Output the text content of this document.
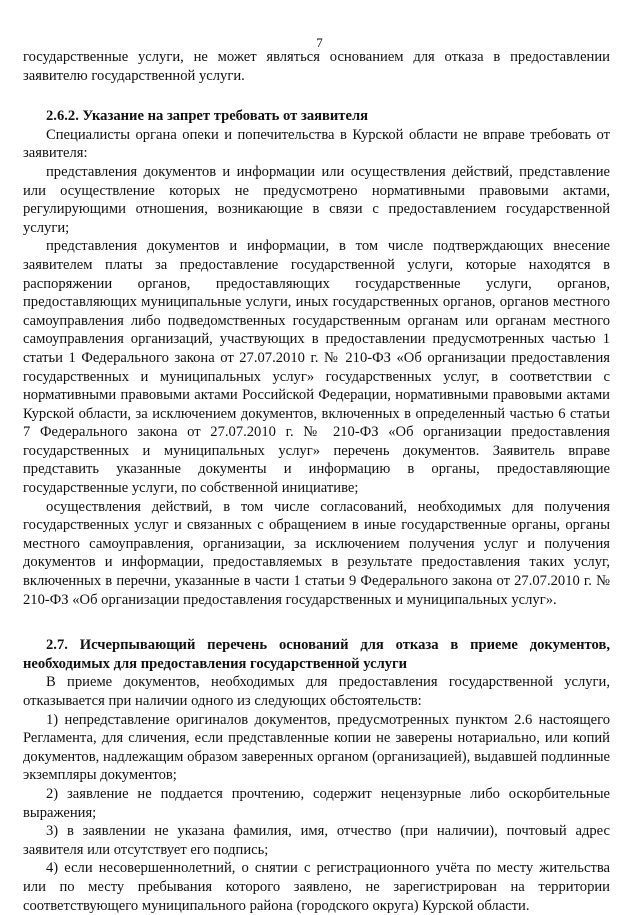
7

государственные услуги, не может являться основанием для отказа в предоставлении заявителю государственной услуги.

2.6.2. Указание на запрет требовать от заявителя

Специалисты органа опеки и попечительства в Курской области не вправе требовать от заявителя:

представления документов и информации или осуществления действий, представление или осуществление которых не предусмотрено нормативными правовыми актами, регулирующими отношения, возникающие в связи с предоставлением государственной услуги;

представления документов и информации, в том числе подтверждающих внесение заявителем платы за предоставление государственной услуги, которые находятся в распоряжении органов, предоставляющих государственные услуги, органов, предоставляющих муниципальные услуги, иных государственных органов, органов местного самоуправления либо подведомственных государственным органам или органам местного самоуправления организаций, участвующих в предоставлении предусмотренных частью 1 статьи 1 Федерального закона от 27.07.2010 г. № 210-ФЗ «Об организации предоставления государственных и муниципальных услуг» государственных услуг, в соответствии с нормативными правовыми актами Российской Федерации, нормативными правовыми актами Курской области, за исключением документов, включенных в определенный частью 6 статьи 7 Федерального закона от 27.07.2010 г. № 210-ФЗ «Об организации предоставления государственных и муниципальных услуг» перечень документов. Заявитель вправе представить указанные документы и информацию в органы, предоставляющие государственные услуги, по собственной инициативе;

осуществления действий, в том числе согласований, необходимых для получения государственных услуг и связанных с обращением в иные государственные органы, органы местного самоуправления, организации, за исключением получения услуг и получения документов и информации, предоставляемых в результате предоставления таких услуг, включенных в перечни, указанные в части 1 статьи 9 Федерального закона от 27.07.2010 г. № 210-ФЗ «Об организации предоставления государственных и муниципальных услуг».

2.7. Исчерпывающий перечень оснований для отказа в приеме документов, необходимых для предоставления государственной услуги

В приеме документов, необходимых для предоставления государственной услуги, отказывается при наличии одного из следующих обстоятельств:

1) непредставление оригиналов документов, предусмотренных пунктом 2.6 настоящего Регламента, для сличения, если представленные копии не заверены нотариально, или копий документов, надлежащим образом заверенных органом (организацией), выдавшей подлинные экземпляры документов;

2) заявление не поддается прочтению, содержит нецензурные либо оскорбительные выражения;

3) в заявлении не указана фамилия, имя, отчество (при наличии), почтовый адрес заявителя или отсутствует его подпись;

4) если несовершеннолетний, о снятии с регистрационного учёта по месту жительства или по месту пребывания которого заявлено, не зарегистрирован на территории соответствующего муниципального района (городского округа) Курской области.
